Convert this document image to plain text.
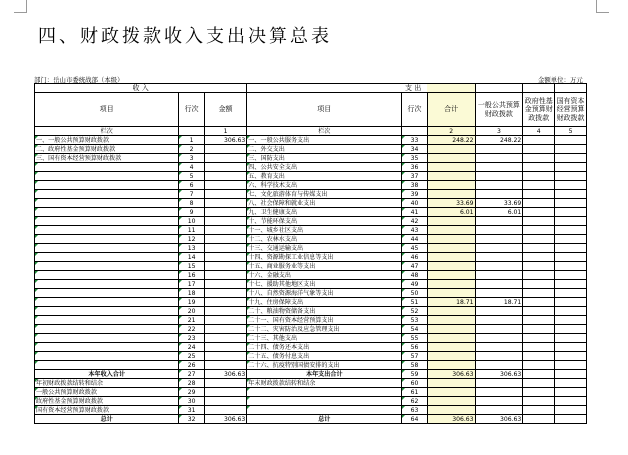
四、财政拨款收入支出决算总表
部门：岳山市委统战部（本级）	金额单位：万元
收 入			支 出					
项目	行次	金额	项目	行次	合计	一般公共预算财政拨款	政府性基金预算财政拨款	国有资本经营预算财政拨款
栏次		1	栏次		2	3	4	5
一、一般公共预算财政拨款	1	306.63	一、一般公共服务支出	33	248.22	248.22		
二、政府性基金预算财政拨款	2		二、外交支出	34				
三、国有资本经营预算财政拨款	3		三、国防支出	35				
	4		四、公共安全支出	36				
	5		五、教育支出	37				
	6		六、科学技术支出	38				
	7		七、文化旅游体育与传媒支出	39				
	8		八、社会保障和就业支出	40	33.69	33.69		
	9		九、卫生健康支出	41	6.01	6.01		
	10		十、节能环保支出	42				
	11		十一、城乡社区支出	43				
	12		十二、农林水支出	44				
	13		十三、交通运输支出	45				
	14		十四、资源勘探工业信息等支出	46				
	15		十五、商业服务业等支出	47				
	16		十六、金融支出	48				
	17		十七、援助其他地区支出	49				
	18		十八、自然资源海洋气象等支出	50				
	19		十九、住房保障支出	51	18.71	18.71		
	20		二十、粮油物资储备支出	52				
	21		二十一、国有资本经营预算支出	53				
	22		二十二、灾害防治及应急管理支出	54				
	23		二十三、其他支出	55				
	24		二十四、债务还本支出	56				
	25		二十五、债务付息支出	57				
	26		二十六、抗疫特别国债安排的支出	58				
本年收入合计	27	306.63	本年支出合计	59	306.63	306.63		
年初财政拨款结转和结余	28		年末财政拨款结转和结余	60				
一般公共预算财政拨款	29			61				
政府性基金预算财政拨款	30			62				
国有资本经营预算财政拨款	31			63				
总计	32	306.63	总计	64	306.63	306.63		
